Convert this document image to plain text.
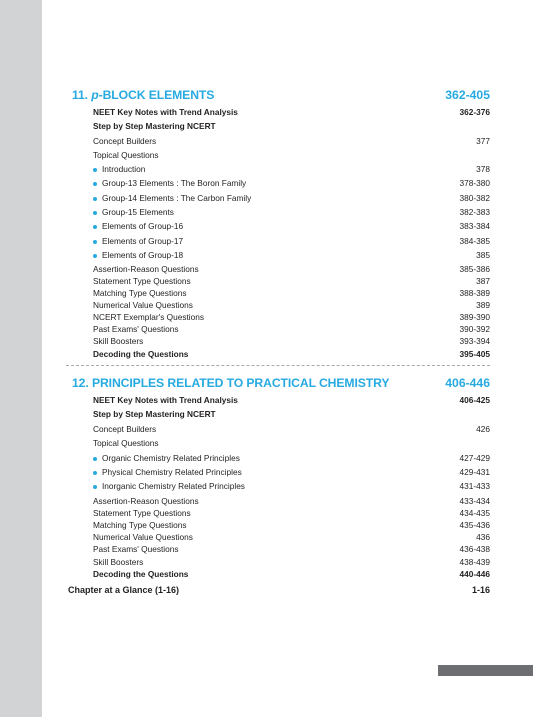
11. p-BLOCK ELEMENTS	362-405
NEET Key Notes with Trend Analysis	362-376
Step by Step Mastering NCERT
Concept Builders	377
Topical Questions
Introduction	378
Group-13 Elements : The Boron Family	378-380
Group-14 Elements : The Carbon Family	380-382
Group-15 Elements	382-383
Elements of Group-16	383-384
Elements of Group-17	384-385
Elements of Group-18	385
Assertion-Reason Questions	385-386
Statement Type Questions	387
Matching Type Questions	388-389
Numerical Value Questions	389
NCERT Exemplar's Questions	389-390
Past Exams' Questions	390-392
Skill Boosters	393-394
Decoding the Questions	395-405
12. PRINCIPLES RELATED TO PRACTICAL CHEMISTRY	406-446
NEET Key Notes with Trend Analysis	406-425
Step by Step Mastering NCERT
Concept Builders	426
Topical Questions
Organic Chemistry Related Principles	427-429
Physical Chemistry Related Principles	429-431
Inorganic Chemistry Related Principles	431-433
Assertion-Reason Questions	433-434
Statement Type Questions	434-435
Matching Type Questions	435-436
Numerical Value Questions	436
Past Exams' Questions	436-438
Skill Boosters	438-439
Decoding the Questions	440-446
Chapter at a Glance (1-16)	1-16
